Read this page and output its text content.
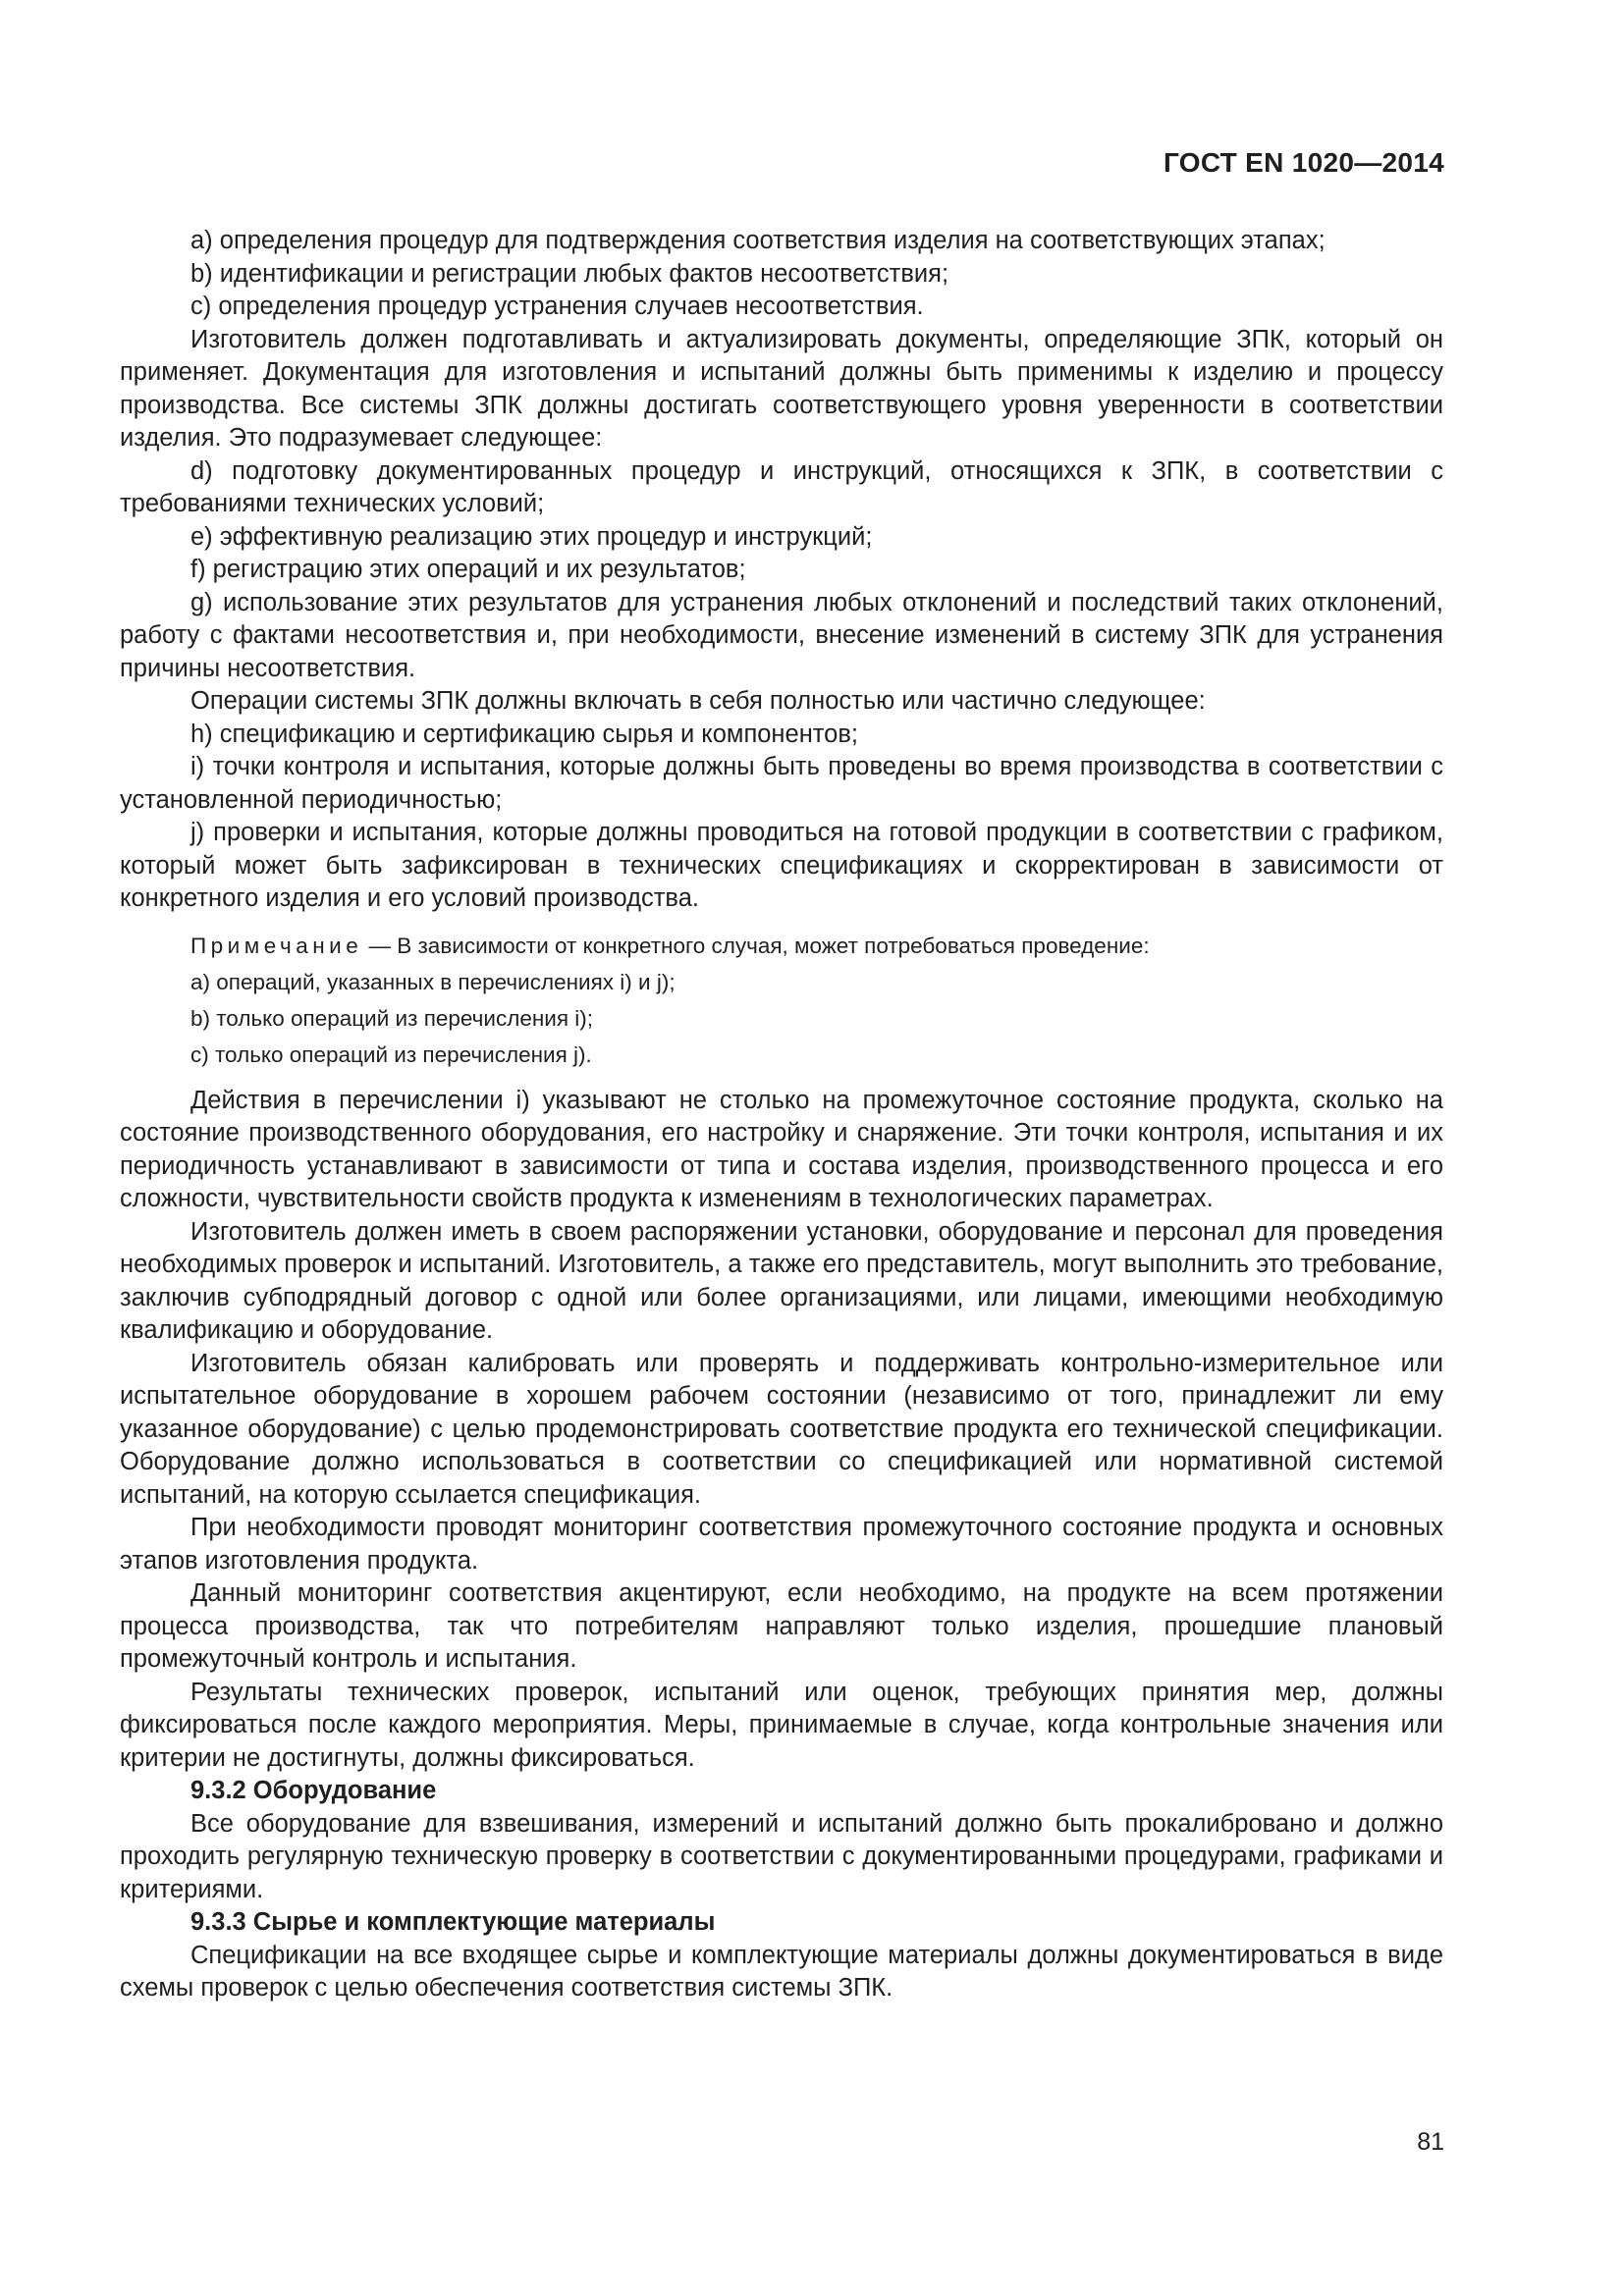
ГОСТ EN 1020—2014

a) определения процедур для подтверждения соответствия изделия на соответствующих этапах;

b) идентификации и регистрации любых фактов несоответствия;

c) определения процедур устранения случаев несоответствия.

Изготовитель должен подготавливать и актуализировать документы, определяющие ЗПК, который он применяет. Документация для изготовления и испытаний должны быть применимы к изделию и процессу производства. Все системы ЗПК должны достигать соответствующего уровня уверенности в соответствии изделия. Это подразумевает следующее:

d) подготовку документированных процедур и инструкций, относящихся к ЗПК, в соответствии с требованиями технических условий;

e) эффективную реализацию этих процедур и инструкций;

f) регистрацию этих операций и их результатов;

g) использование этих результатов для устранения любых отклонений и последствий таких отклонений, работу с фактами несоответствия и, при необходимости, внесение изменений в систему ЗПК для устранения причины несоответствия.

Операции системы ЗПК должны включать в себя полностью или частично следующее:

h) спецификацию и сертификацию сырья и компонентов;

i) точки контроля и испытания, которые должны быть проведены во время производства в соответствии с установленной периодичностью;

j) проверки и испытания, которые должны проводиться на готовой продукции в соответствии с графиком, который может быть зафиксирован в технических спецификациях и скорректирован в зависимости от конкретного изделия и его условий производства.

Примечание — В зависимости от конкретного случая, может потребоваться проведение:

a) операций, указанных в перечислениях i) и j);

b) только операций из перечисления i);

c) только операций из перечисления j).

Действия в перечислении i) указывают не столько на промежуточное состояние продукта, сколько на состояние производственного оборудования, его настройку и снаряжение. Эти точки контроля, испытания и их периодичность устанавливают в зависимости от типа и состава изделия, производственного процесса и его сложности, чувствительности свойств продукта к изменениям в технологических параметрах.

Изготовитель должен иметь в своем распоряжении установки, оборудование и персонал для проведения необходимых проверок и испытаний. Изготовитель, а также его представитель, могут выполнить это требование, заключив субподрядный договор с одной или более организациями, или лицами, имеющими необходимую квалификацию и оборудование.

Изготовитель обязан калибровать или проверять и поддерживать контрольно-измерительное или испытательное оборудование в хорошем рабочем состоянии (независимо от того, принадлежит ли ему указанное оборудование) с целью продемонстрировать соответствие продукта его технической спецификации. Оборудование должно использоваться в соответствии со спецификацией или нормативной системой испытаний, на которую ссылается спецификация.

При необходимости проводят мониторинг соответствия промежуточного состояние продукта и основных этапов изготовления продукта.

Данный мониторинг соответствия акцентируют, если необходимо, на продукте на всем протяжении процесса производства, так что потребителям направляют только изделия, прошедшие плановый промежуточный контроль и испытания.

Результаты технических проверок, испытаний или оценок, требующих принятия мер, должны фиксироваться после каждого мероприятия. Меры, принимаемые в случае, когда контрольные значения или критерии не достигнуты, должны фиксироваться.

9.3.2 Оборудование

Все оборудование для взвешивания, измерений и испытаний должно быть прокалибровано и должно проходить регулярную техническую проверку в соответствии с документированными процедурами, графиками и критериями.

9.3.3 Сырье и комплектующие материалы

Спецификации на все входящее сырье и комплектующие материалы должны документироваться в виде схемы проверок с целью обеспечения соответствия системы ЗПК.

81
